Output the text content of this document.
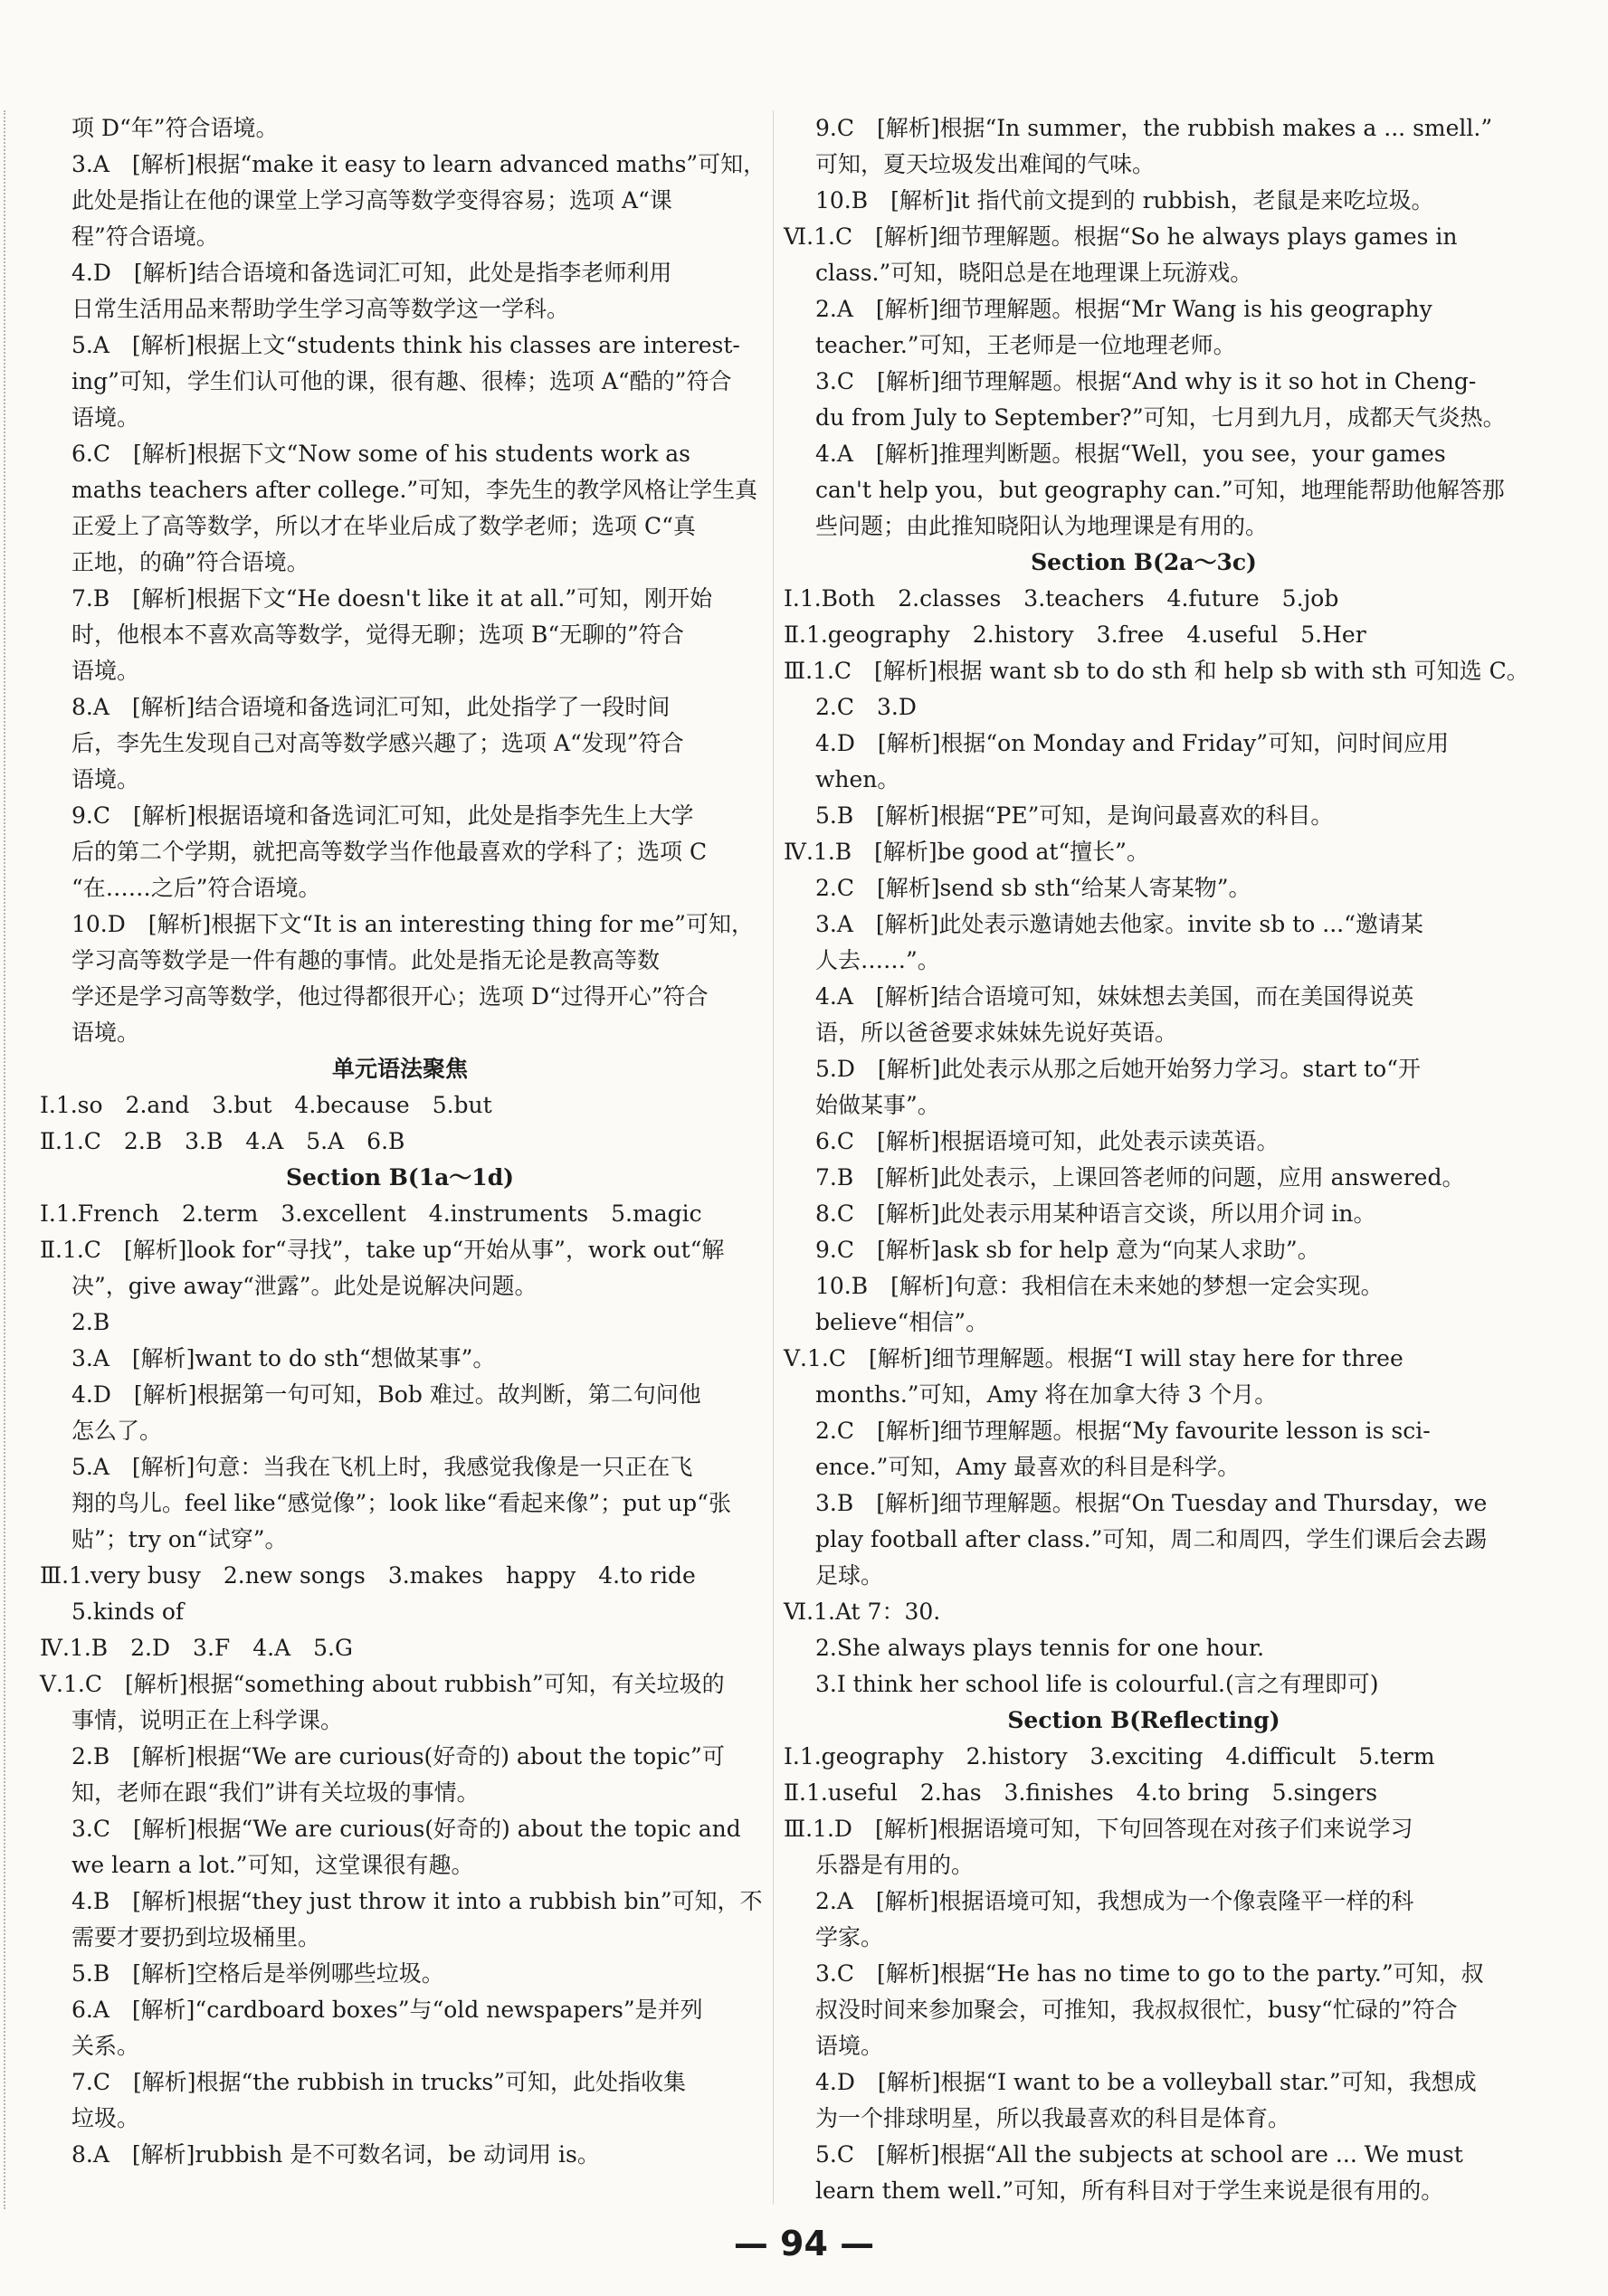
项 D“年”符合语境。
3.A　[解析]根据“make it easy to learn advanced maths”可知，
此处是指让在他的课堂上学习高等数学变得容易；选项 A“课
程”符合语境。
4.D　[解析]结合语境和备选词汇可知，此处是指李老师利用
日常生活用品来帮助学生学习高等数学这一学科。
5.A　[解析]根据上文“students think his classes are interest-
ing”可知，学生们认可他的课，很有趣、很棒；选项 A“酷的”符合
语境。
6.C　[解析]根据下文“Now some of his students work as
maths teachers after college.”可知，李先生的教学风格让学生真
正爱上了高等数学，所以才在毕业后成了数学老师；选项 C“真
正地，的确”符合语境。
7.B　[解析]根据下文“He doesn't like it at all.”可知，刚开始
时，他根本不喜欢高等数学，觉得无聊；选项 B“无聊的”符合
语境。
8.A　[解析]结合语境和备选词汇可知，此处指学了一段时间
后，李先生发现自己对高等数学感兴趣了；选项 A“发现”符合
语境。
9.C　[解析]根据语境和备选词汇可知，此处是指李先生上大学
后的第二个学期，就把高等数学当作他最喜欢的学科了；选项 C
“在……之后”符合语境。
10.D　[解析]根据下文“It is an interesting thing for me”可知，
学习高等数学是一件有趣的事情。此处是指无论是教高等数
学还是学习高等数学，他过得都很开心；选项 D“过得开心”符合
语境。
单元语法聚焦
Ⅰ.1.so　2.and　3.but　4.because　5.but
Ⅱ.1.C　2.B　3.B　4.A　5.A　6.B
Section B(1a～1d)
Ⅰ.1.French　2.term　3.excellent　4.instruments　5.magic
Ⅱ.1.C　[解析]look for“寻找”，take up“开始从事”，work out“解
决”，give away“泄露”。此处是说解决问题。
2.B
3.A　[解析]want to do sth“想做某事”。
4.D　[解析]根据第一句可知，Bob 难过。故判断，第二句问他
怎么了。
5.A　[解析]句意：当我在飞机上时，我感觉我像是一只正在飞
翔的鸟儿。feel like“感觉像”；look like“看起来像”；put up“张
贴”；try on“试穿”。
Ⅲ.1.very busy　2.new songs　3.makes　happy　4.to ride
5.kinds of
Ⅳ.1.B　2.D　3.F　4.A　5.G
Ⅴ.1.C　[解析]根据“something about rubbish”可知，有关垃圾的
事情，说明正在上科学课。
2.B　[解析]根据“We are curious(好奇的) about the topic”可
知，老师在跟“我们”讲有关垃圾的事情。
3.C　[解析]根据“We are curious(好奇的) about the topic and
we learn a lot.”可知，这堂课很有趣。
4.B　[解析]根据“they just throw it into a rubbish bin”可知，不
需要才要扔到垃圾桶里。
5.B　[解析]空格后是举例哪些垃圾。
6.A　[解析]“cardboard boxes”与“old newspapers”是并列
关系。
7.C　[解析]根据“the rubbish in trucks”可知，此处指收集
垃圾。
8.A　[解析]rubbish 是不可数名词，be 动词用 is。
9.C　[解析]根据“In summer，the rubbish makes a ... smell.”
可知，夏天垃圾发出难闻的气味。
10.B　[解析]it 指代前文提到的 rubbish，老鼠是来吃垃圾。
Ⅵ.1.C　[解析]细节理解题。根据“So he always plays games in
class.”可知，晓阳总是在地理课上玩游戏。
2.A　[解析]细节理解题。根据“Mr Wang is his geography
teacher.”可知，王老师是一位地理老师。
3.C　[解析]细节理解题。根据“And why is it so hot in Cheng-
du from July to September?”可知，七月到九月，成都天气炎热。
4.A　[解析]推理判断题。根据“Well，you see，your games
can't help you，but geography can.”可知，地理能帮助他解答那
些问题；由此推知晓阳认为地理课是有用的。
Section B(2a～3c)
Ⅰ.1.Both　2.classes　3.teachers　4.future　5.job
Ⅱ.1.geography　2.history　3.free　4.useful　5.Her
Ⅲ.1.C　[解析]根据 want sb to do sth 和 help sb with sth 可知选 C。
2.C　3.D
4.D　[解析]根据“on Monday and Friday”可知，问时间应用
when。
5.B　[解析]根据“PE”可知，是询问最喜欢的科目。
Ⅳ.1.B　[解析]be good at“擅长”。
2.C　[解析]send sb sth“给某人寄某物”。
3.A　[解析]此处表示邀请她去他家。invite sb to ...“邀请某
人去……”。
4.A　[解析]结合语境可知，妹妹想去美国，而在美国得说英
语，所以爸爸要求妹妹先说好英语。
5.D　[解析]此处表示从那之后她开始努力学习。start to“开
始做某事”。
6.C　[解析]根据语境可知，此处表示读英语。
7.B　[解析]此处表示，上课回答老师的问题，应用 answered。
8.C　[解析]此处表示用某种语言交谈，所以用介词 in。
9.C　[解析]ask sb for help 意为“向某人求助”。
10.B　[解析]句意：我相信在未来她的梦想一定会实现。
believe“相信”。
Ⅴ.1.C　[解析]细节理解题。根据“I will stay here for three
months.”可知，Amy 将在加拿大待 3 个月。
2.C　[解析]细节理解题。根据“My favourite lesson is sci-
ence.”可知，Amy 最喜欢的科目是科学。
3.B　[解析]细节理解题。根据“On Tuesday and Thursday，we
play football after class.”可知，周二和周四，学生们课后会去踢
足球。
Ⅵ.1.At 7：30.
2.She always plays tennis for one hour.
3.I think her school life is colourful.(言之有理即可)
Section B(Reflecting)
Ⅰ.1.geography　2.history　3.exciting　4.difficult　5.term
Ⅱ.1.useful　2.has　3.finishes　4.to bring　5.singers
Ⅲ.1.D　[解析]根据语境可知，下句回答现在对孩子们来说学习
乐器是有用的。
2.A　[解析]根据语境可知，我想成为一个像袁隆平一样的科
学家。
3.C　[解析]根据“He has no time to go to the party.”可知，叔
叔没时间来参加聚会，可推知，我叔叔很忙，busy“忙碌的”符合
语境。
4.D　[解析]根据“I want to be a volleyball star.”可知，我想成
为一个排球明星，所以我最喜欢的科目是体育。
5.C　[解析]根据“All the subjects at school are ... We must
learn them well.”可知，所有科目对于学生来说是很有用的。
— 94 —
